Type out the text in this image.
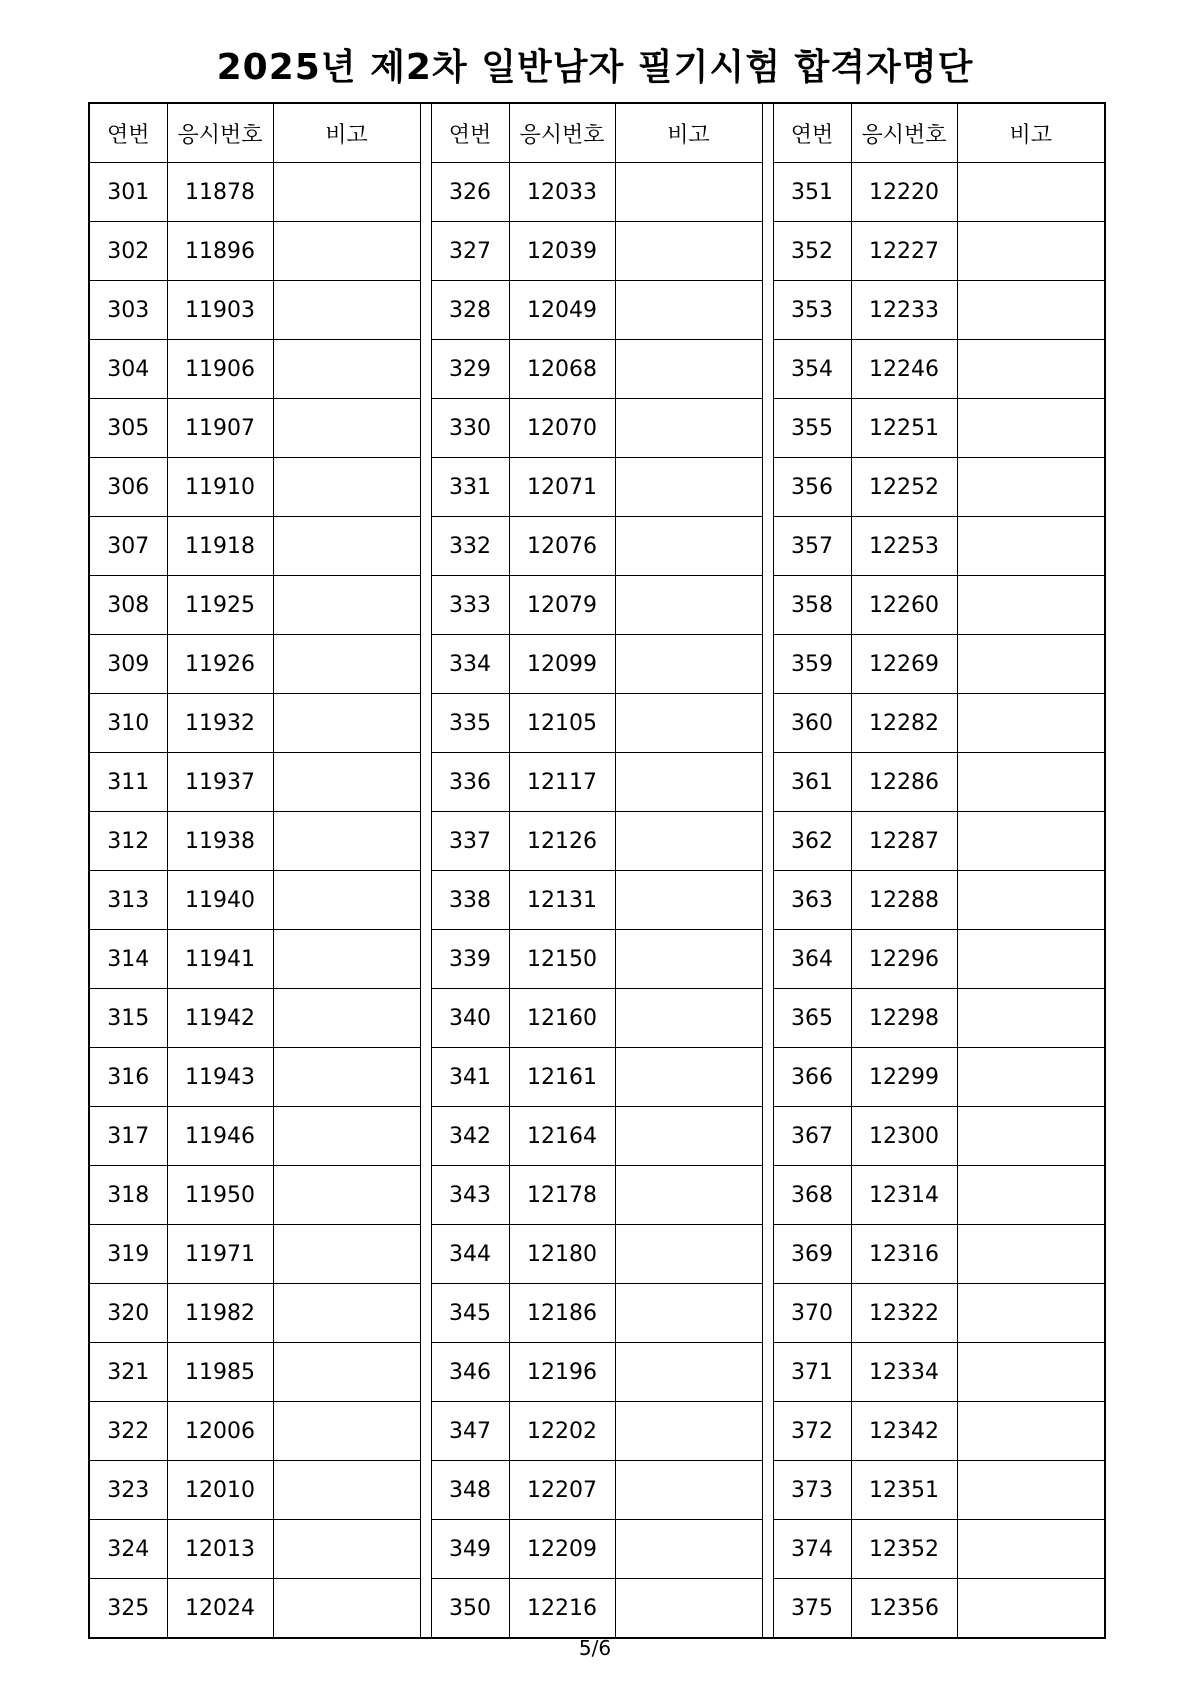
2025년 제2차 일반남자 필기시험 합격자명단
연번	응시번호	비고		연번	응시번호	비고		연번	응시번호	비고
301	11878			326	12033			351	12220	
302	11896			327	12039			352	12227	
303	11903			328	12049			353	12233	
304	11906			329	12068			354	12246	
305	11907			330	12070			355	12251	
306	11910			331	12071			356	12252	
307	11918			332	12076			357	12253	
308	11925			333	12079			358	12260	
309	11926			334	12099			359	12269	
310	11932			335	12105			360	12282	
311	11937			336	12117			361	12286	
312	11938			337	12126			362	12287	
313	11940			338	12131			363	12288	
314	11941			339	12150			364	12296	
315	11942			340	12160			365	12298	
316	11943			341	12161			366	12299	
317	11946			342	12164			367	12300	
318	11950			343	12178			368	12314	
319	11971			344	12180			369	12316	
320	11982			345	12186			370	12322	
321	11985			346	12196			371	12334	
322	12006			347	12202			372	12342	
323	12010			348	12207			373	12351	
324	12013			349	12209			374	12352	
325	12024			350	12216			375	12356	
5/6
